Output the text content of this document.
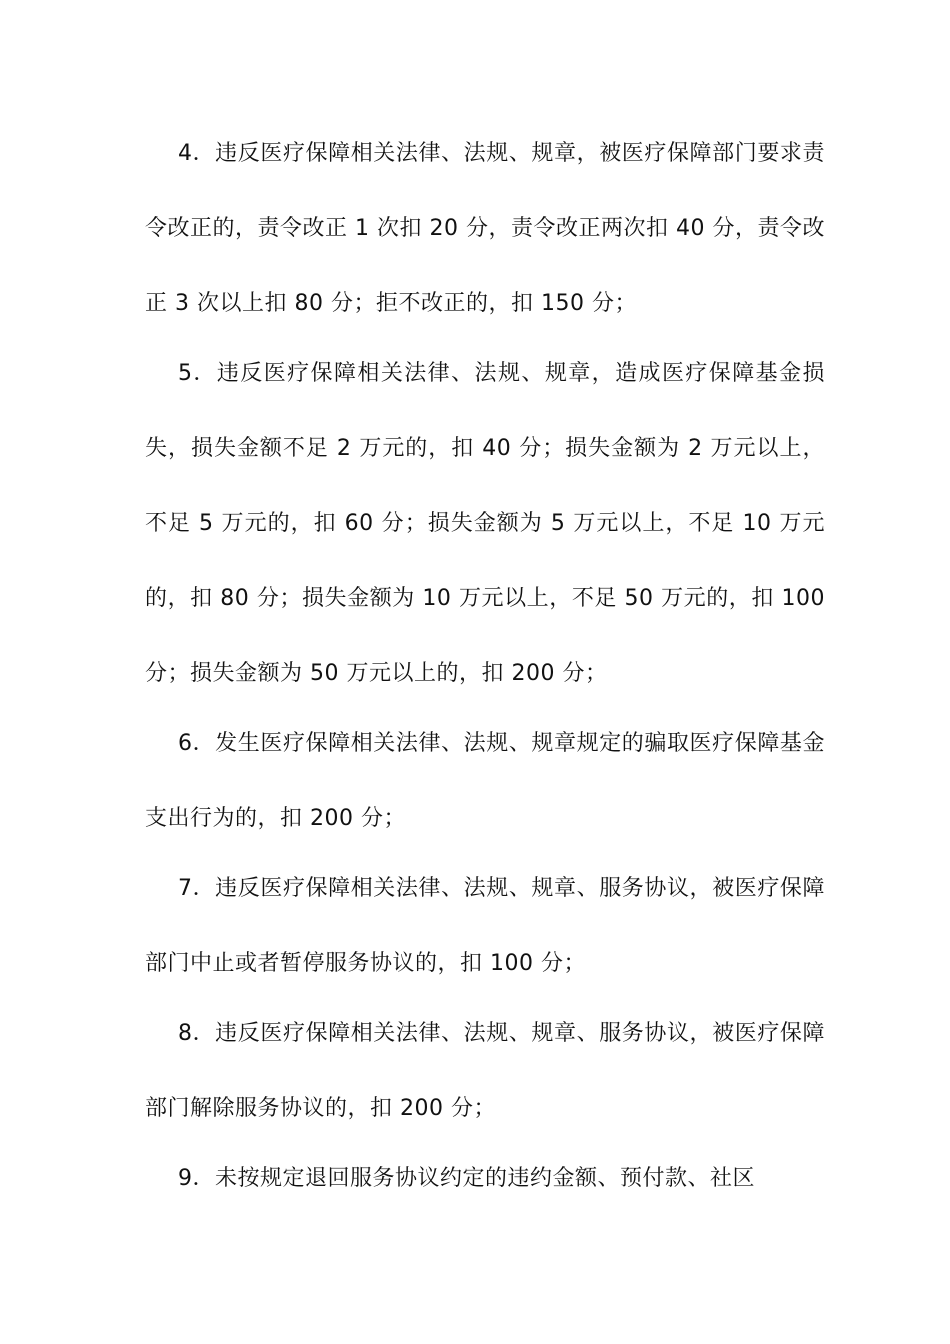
4．违反医疗保障相关法律、法规、规章，被医疗保障部门要求责令改正的，责令改正 1 次扣 20 分，责令改正两次扣 40 分，责令改正 3 次以上扣 80 分；拒不改正的，扣 150 分；

5．违反医疗保障相关法律、法规、规章，造成医疗保障基金损失，损失金额不足 2 万元的，扣 40 分；损失金额为 2 万元以上，不足 5 万元的，扣 60 分；损失金额为 5 万元以上，不足 10 万元的，扣 80 分；损失金额为 10 万元以上，不足 50 万元的，扣 100 分；损失金额为 50 万元以上的，扣 200 分；

6．发生医疗保障相关法律、法规、规章规定的骗取医疗保障基金支出行为的，扣 200 分；

7．违反医疗保障相关法律、法规、规章、服务协议，被医疗保障部门中止或者暂停服务协议的，扣 100 分；

8．违反医疗保障相关法律、法规、规章、服务协议，被医疗保障部门解除服务协议的，扣 200 分；

9．未按规定退回服务协议约定的违约金额、预付款、社区
